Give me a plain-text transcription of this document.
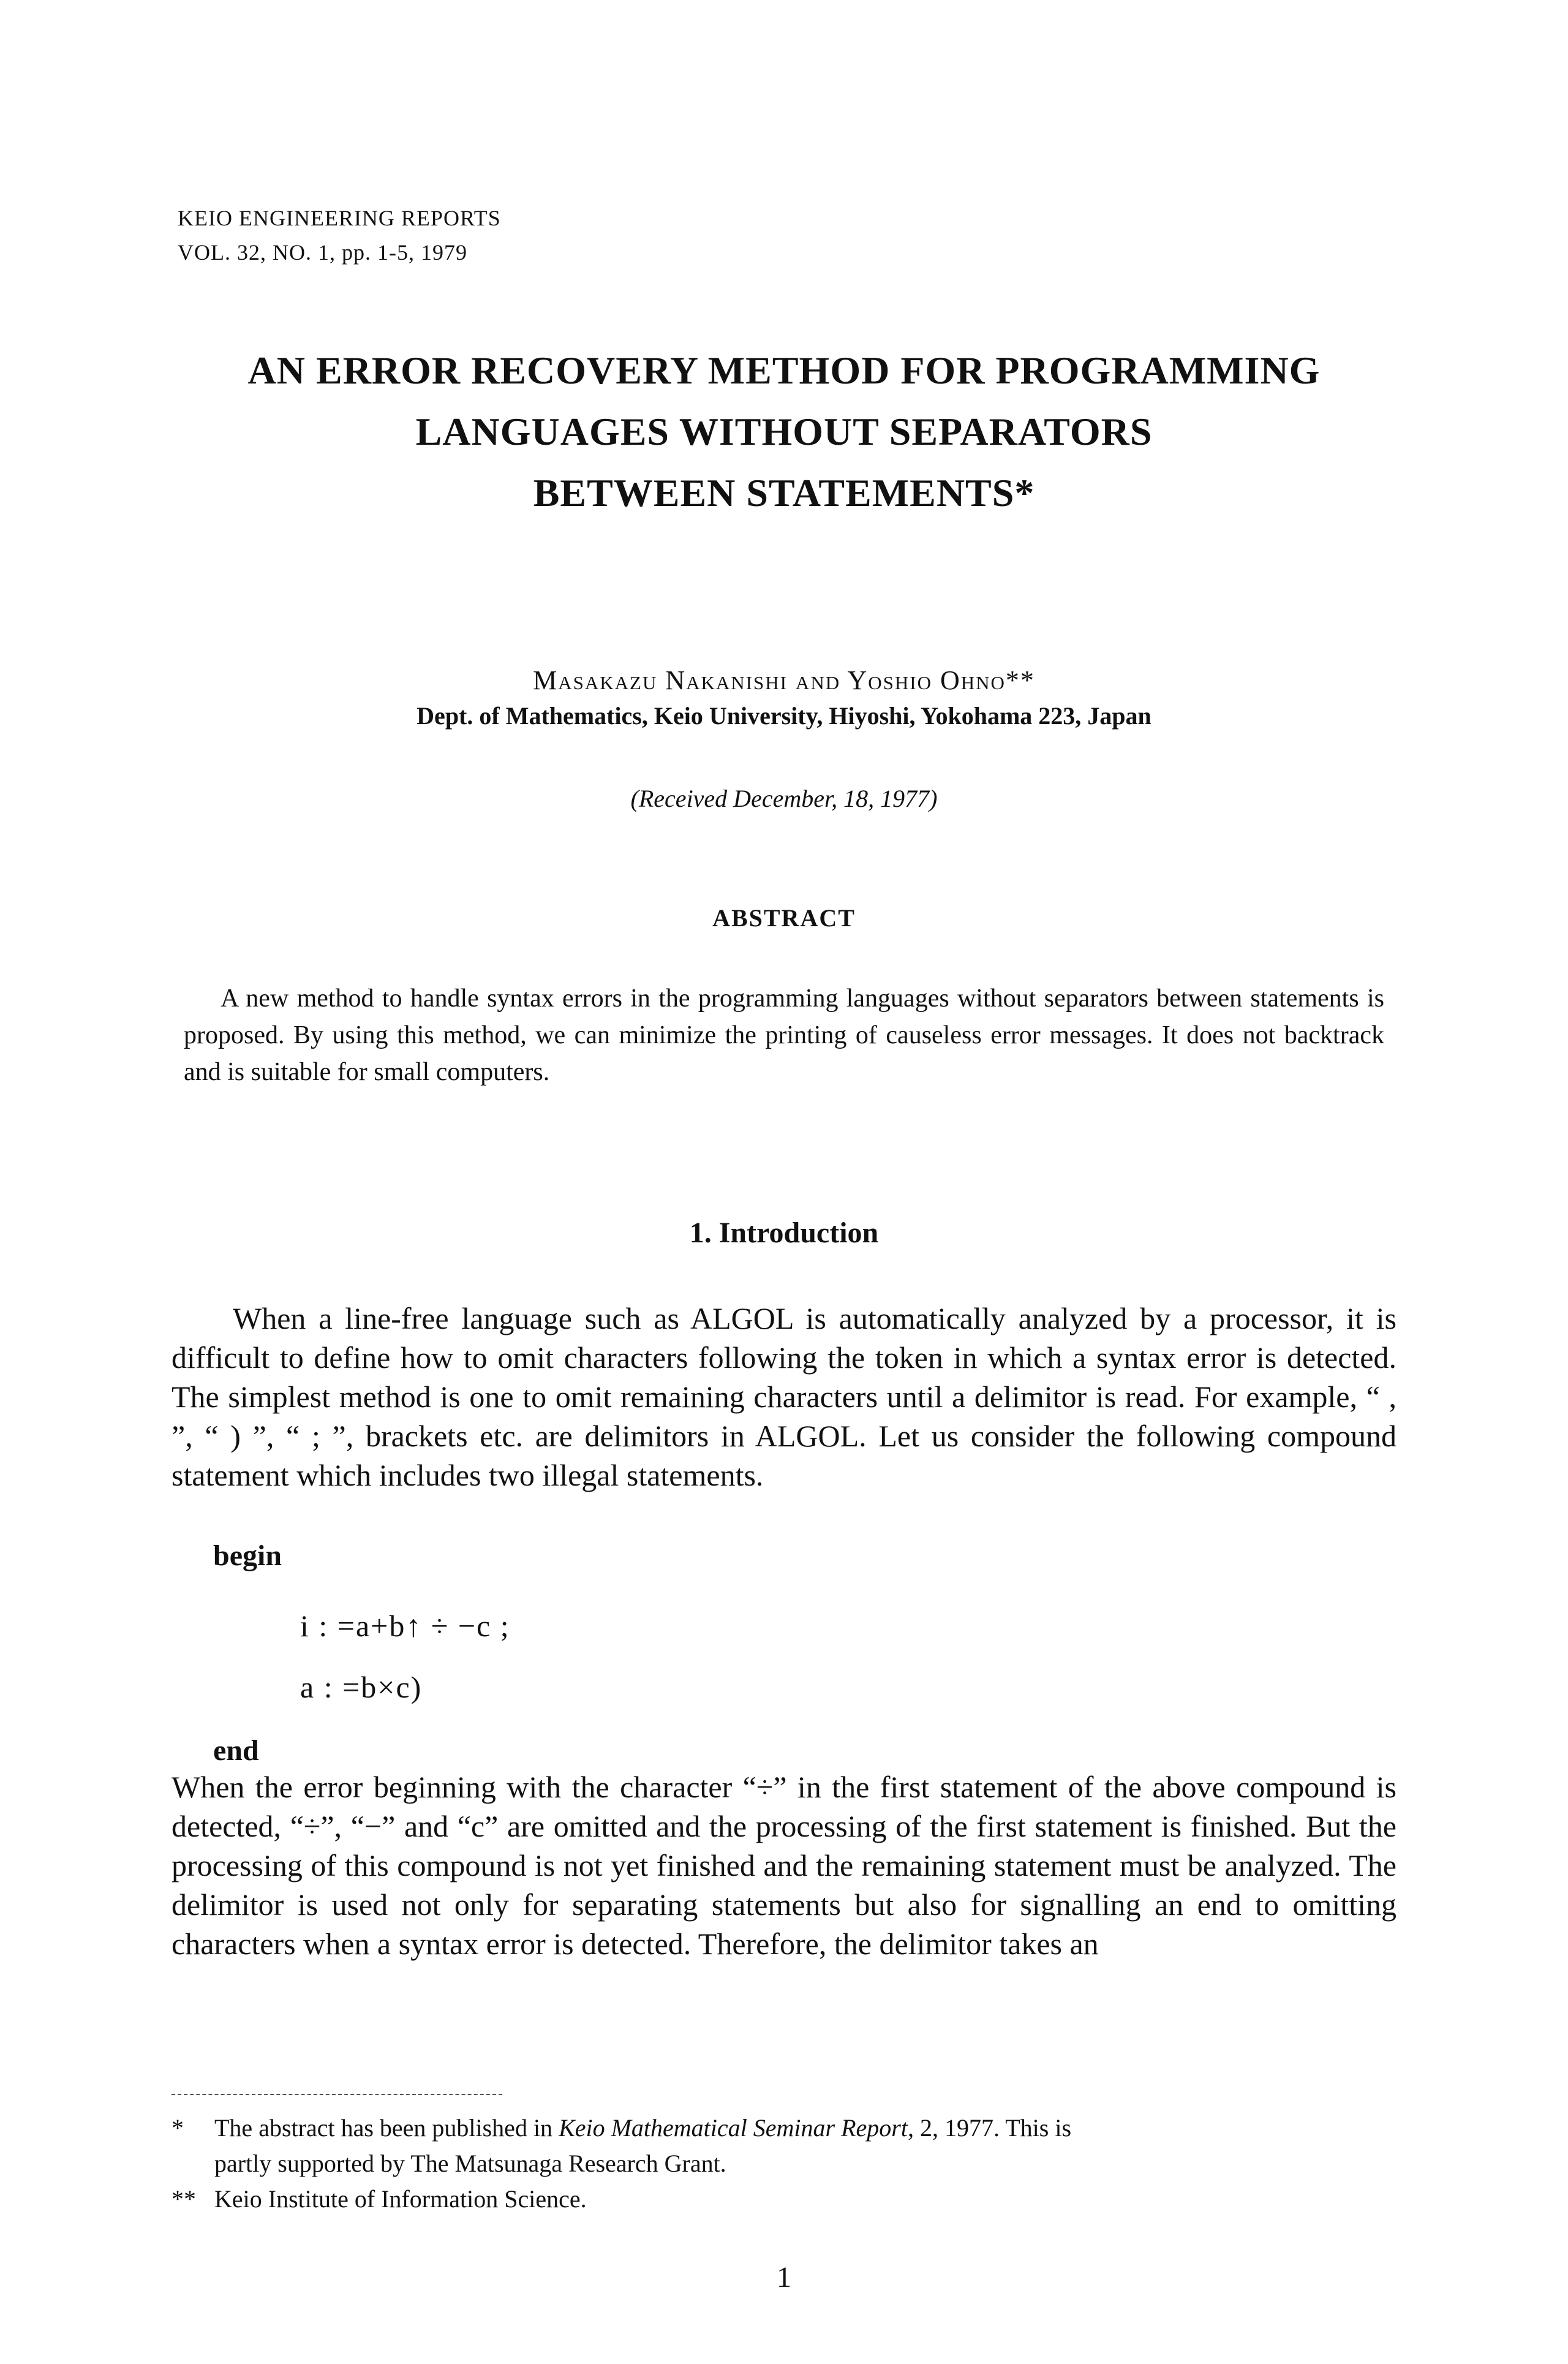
KEIO ENGINEERING REPORTS
VOL. 32, NO. 1, pp. 1-5, 1979
AN ERROR RECOVERY METHOD FOR PROGRAMMING
LANGUAGES WITHOUT SEPARATORS
BETWEEN STATEMENTS*
Masakazu Nakanishi and Yoshio Ohno**
Dept. of Mathematics, Keio University, Hiyoshi, Yokohama 223, Japan
(Received December, 18, 1977)
ABSTRACT
A new method to handle syntax errors in the programming languages without separators between statements is proposed. By using this method, we can minimize the printing of causeless error messages. It does not backtrack and is suitable for small computers.
1. Introduction
When a line-free language such as ALGOL is automatically analyzed by a processor, it is difficult to define how to omit characters following the token in which a syntax error is detected. The simplest method is one to omit remaining characters until a delimitor is read. For example, “ , ”, “ ) ”, “ ; ”, brackets etc. are delimitors in ALGOL. Let us consider the following compound statement which includes two illegal statements.
begin
i : =a+b↑ ÷ −c ;
a : =b×c)
end
When the error beginning with the character “÷” in the first statement of the above compound is detected, “÷”, “−” and “c” are omitted and the processing of the first statement is finished. But the processing of this compound is not yet finished and the remaining statement must be analyzed. The delimitor is used not only for separating statements but also for signalling an end to omitting characters when a syntax error is detected. Therefore, the delimitor takes an
* The abstract has been published in Keio Mathematical Seminar Report, 2, 1977. This is
partly supported by The Matsunaga Research Grant.
** Keio Institute of Information Science.
1
